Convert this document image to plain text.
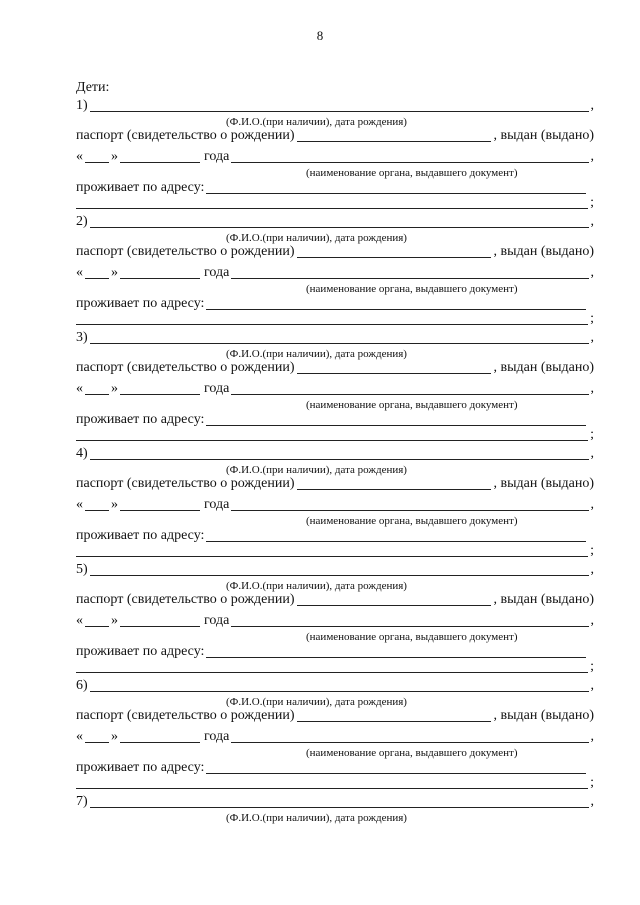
8
Дети:
1)	,
(Ф.И.О.(при наличии), дата рождения)
паспорт (свидетельство о рождении)	, выдан (выдано)
« »	года	,
(наименование органа, выдавшего документ)
проживает по адресу:
;
2)	,
(Ф.И.О.(при наличии), дата рождения)
паспорт (свидетельство о рождении)	, выдан (выдано)
« »	года	,
(наименование органа, выдавшего документ)
проживает по адресу:
;
3)	,
(Ф.И.О.(при наличии), дата рождения)
паспорт (свидетельство о рождении)	, выдан (выдано)
« »	года	,
(наименование органа, выдавшего документ)
проживает по адресу:
;
4)	,
(Ф.И.О.(при наличии), дата рождения)
паспорт (свидетельство о рождении)	, выдан (выдано)
« »	года	,
(наименование органа, выдавшего документ)
проживает по адресу:
;
5)	,
(Ф.И.О.(при наличии), дата рождения)
паспорт (свидетельство о рождении)	, выдан (выдано)
« »	года	,
(наименование органа, выдавшего документ)
проживает по адресу:
;
6)	,
(Ф.И.О.(при наличии), дата рождения)
паспорт (свидетельство о рождении)	, выдан (выдано)
« »	года	,
(наименование органа, выдавшего документ)
проживает по адресу:
;
7)	,
(Ф.И.О.(при наличии), дата рождения)
